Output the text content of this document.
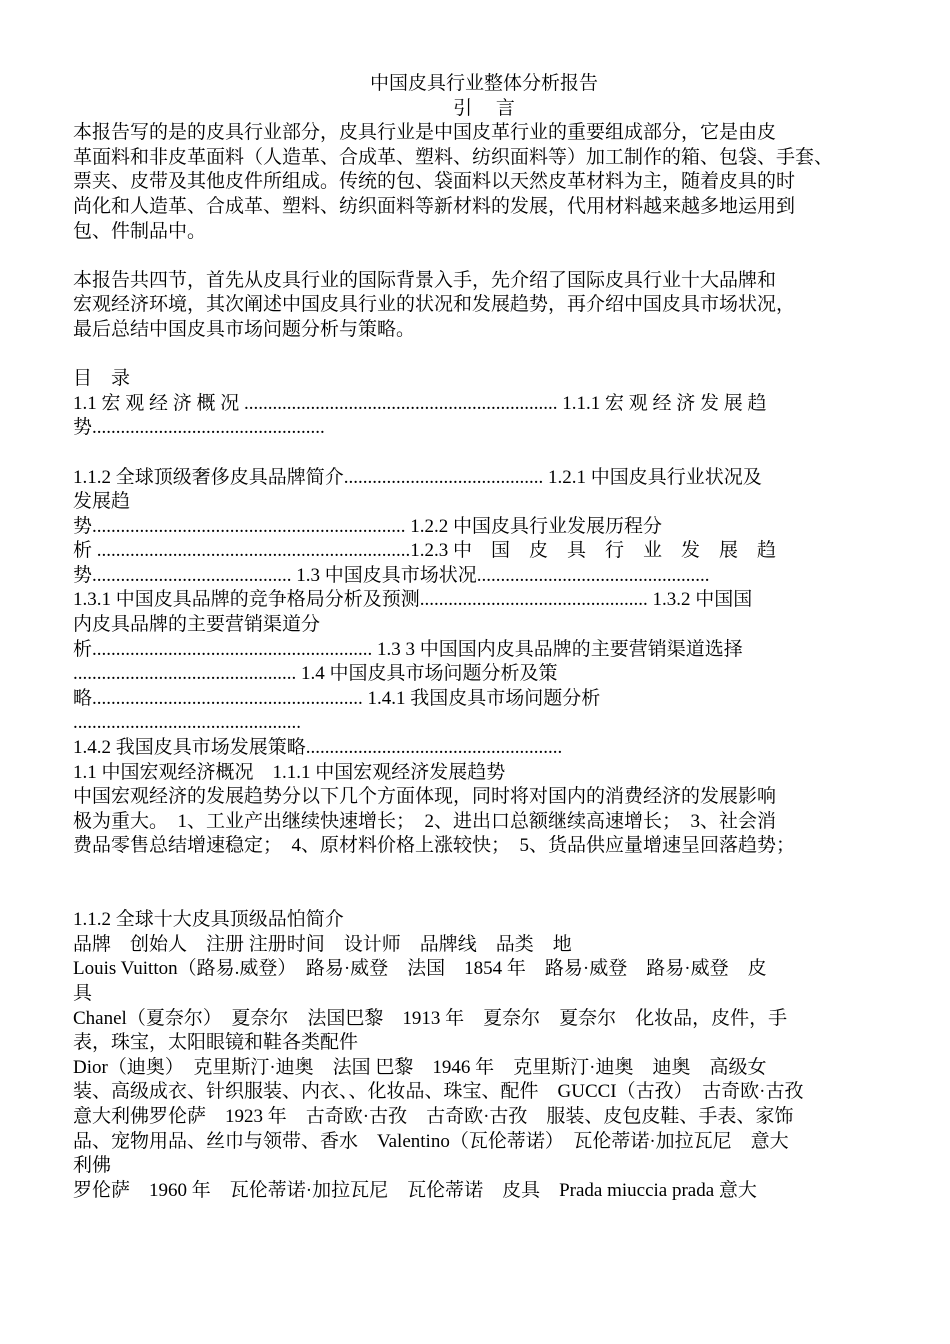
中国皮具行业整体分析报告
引　 言
本报告写的是的皮具行业部分，皮具行业是中国皮革行业的重要组成部分，它是由皮
革面料和非皮革面料（人造革、合成革、塑料、纺织面料等）加工制作的箱、包袋、手套、
票夹、皮带及其他皮件所组成。传统的包、袋面料以天然皮革材料为主，随着皮具的时
尚化和人造革、合成革、塑料、纺织面料等新材料的发展，代用材料越来越多地运用到
包、件制品中。
本报告共四节，首先从皮具行业的国际背景入手，先介绍了国际皮具行业十大品牌和
宏观经济环境，其次阐述中国皮具行业的状况和发展趋势，再介绍中国皮具市场状况，
最后总结中国皮具市场问题分析与策略。
目　录
1.1 宏 观 经 济 概 况 .................................................................. 1.1.1 宏 观 经 济 发 展 趋
势.................................................
1.1.2 全球顶级奢侈皮具品牌简介.......................................... 1.2.1 中国皮具行业状况及
发展趋
势.................................................................. 1.2.2 中国皮具行业发展历程分
析 ..................................................................1.2.3 中　国　皮　具　行　业　发　展　趋
势.......................................... 1.3 中国皮具市场状况.................................................
1.3.1 中国皮具品牌的竞争格局分析及预测................................................ 1.3.2 中国国
内皮具品牌的主要营销渠道分
析........................................................... 1.3 3 中国国内皮具品牌的主要营销渠道选择
............................................... 1.4 中国皮具市场问题分析及策
略......................................................... 1.4.1 我国皮具市场问题分析
................................................
1.4.2 我国皮具市场发展策略......................................................
1.1 中国宏观经济概况　1.1.1 中国宏观经济发展趋势
中国宏观经济的发展趋势分以下几个方面体现，同时将对国内的消费经济的发展影响
极为重大。　1、工业产出继续快速增长；　2、进出口总额继续高速增长；　3、社会消
费品零售总结增速稳定；　4、原材料价格上涨较快；　5、货品供应量增速呈回落趋势；
1.1.2 全球十大皮具顶级品怕简介
品牌　创始人　注册 注册时间　设计师　品牌线　品类　地
Louis Vuitton（路易.威登）　路易·威登　法国　1854 年　路易·威登　路易·威登　皮
具
Chanel（夏奈尔）　夏奈尔　法国巴黎　1913 年　夏奈尔　夏奈尔　化妆品，皮件，手
表，珠宝，太阳眼镜和鞋各类配件
Dior（迪奥）　克里斯汀·迪奥　法国 巴黎　1946 年　克里斯汀·迪奥　迪奥　高级女
装、高级成衣、针织服装、内衣、、化妆品、珠宝、配件　GUCCI（古孜）　古奇欧·古孜
意大利佛罗伦萨　1923 年　古奇欧·古孜　古奇欧·古孜　服装、皮包皮鞋、手表、家饰
品、宠物用品、丝巾与领带、香水　Valentino（瓦伦蒂诺）　瓦伦蒂诺·加拉瓦尼　意大
利佛
罗伦萨　1960 年　瓦伦蒂诺·加拉瓦尼　瓦伦蒂诺　皮具　Prada miuccia prada 意大
